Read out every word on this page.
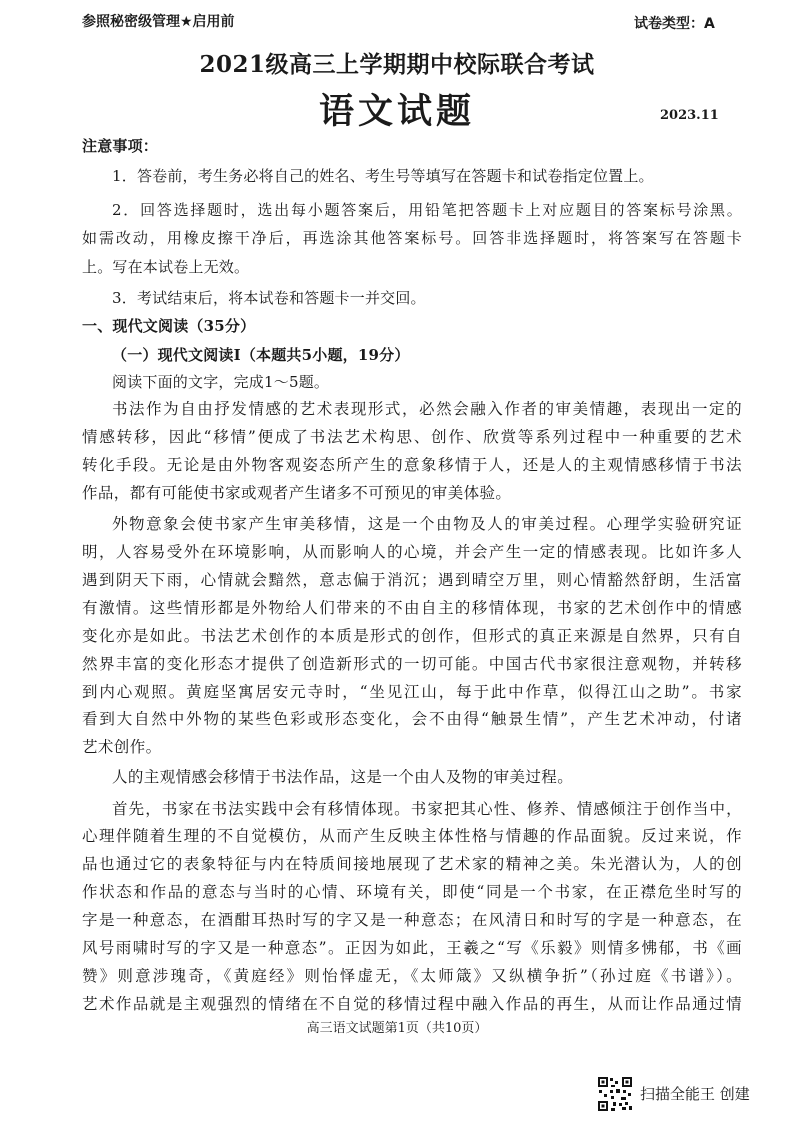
参照秘密级管理★启用前	试卷类型：A
2021级高三上学期期中校际联合考试
语文试题	2023.11
注意事项：
1．答卷前，考生务必将自己的姓名、考生号等填写在答题卡和试卷指定位置上。
2．回答选择题时，选出每小题答案后，用铅笔把答题卡上对应题目的答案标号涂黑。
如需改动，用橡皮擦干净后，再选涂其他答案标号。回答非选择题时，将答案写在答题卡
上。写在本试卷上无效。
3．考试结束后，将本试卷和答题卡一并交回。
一、现代文阅读（35分）
（一）现代文阅读Ⅰ（本题共5小题，19分）
阅读下面的文字，完成1～5题。
书法作为自由抒发情感的艺术表现形式，必然会融入作者的审美情趣，表现出一定的
情感转移，因此“移情”便成了书法艺术构思、创作、欣赏等系列过程中一种重要的艺术
转化手段。无论是由外物客观姿态所产生的意象移情于人，还是人的主观情感移情于书法
作品，都有可能使书家或观者产生诸多不可预见的审美体验。
外物意象会使书家产生审美移情，这是一个由物及人的审美过程。心理学实验研究证
明，人容易受外在环境影响，从而影响人的心境，并会产生一定的情感表现。比如许多人
遇到阴天下雨，心情就会黯然，意志偏于消沉；遇到晴空万里，则心情豁然舒朗，生活富
有激情。这些情形都是外物给人们带来的不由自主的移情体现，书家的艺术创作中的情感
变化亦是如此。书法艺术创作的本质是形式的创作，但形式的真正来源是自然界，只有自
然界丰富的变化形态才提供了创造新形式的一切可能。中国古代书家很注意观物，并转移
到内心观照。黄庭坚寓居安元寺时，“坐见江山，每于此中作草，似得江山之助”。书家
看到大自然中外物的某些色彩或形态变化，会不由得“触景生情”，产生艺术冲动，付诸
艺术创作。
人的主观情感会移情于书法作品，这是一个由人及物的审美过程。
首先，书家在书法实践中会有移情体现。书家把其心性、修养、情感倾注于创作当中，
心理伴随着生理的不自觉模仿，从而产生反映主体性格与情趣的作品面貌。反过来说，作
品也通过它的表象特征与内在特质间接地展现了艺术家的精神之美。朱光潜认为，人的创
作状态和作品的意态与当时的心情、环境有关，即使“同是一个书家，在正襟危坐时写的
字是一种意态，在酒酣耳热时写的字又是一种意态；在风清日和时写的字是一种意态，在
风号雨啸时写的字又是一种意态”。正因为如此，王羲之“写《乐毅》则情多怫郁，书《画
赞》则意涉瑰奇，《黄庭经》则怡怿虚无，《太师箴》又纵横争折”（孙过庭《书谱》）。
艺术作品就是主观强烈的情绪在不自觉的移情过程中融入作品的再生，从而让作品通过情
高三语文试题第1页（共10页）
扫描全能王 创建
